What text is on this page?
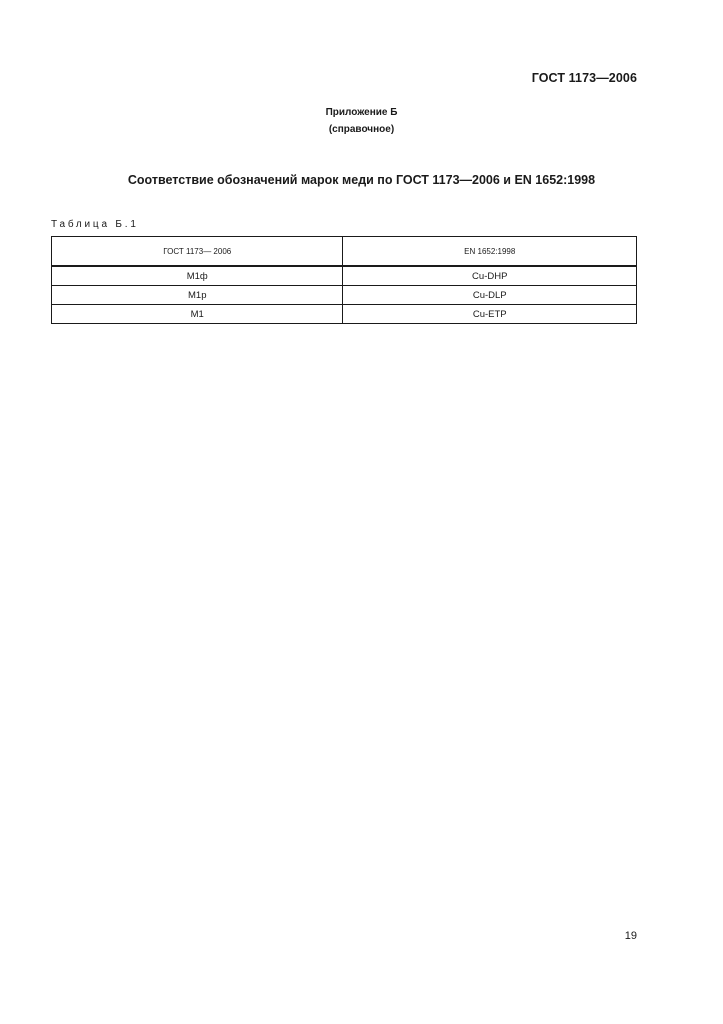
ГОСТ 1173—2006
Приложение Б
(справочное)
Соответствие обозначений марок меди по ГОСТ 1173—2006 и EN 1652:1998
Таблица Б.1
ГОСТ 1173— 2006	EN 1652:1998
М1ф	Cu-DHP
М1р	Cu-DLP
М1	Cu-ETP
19
